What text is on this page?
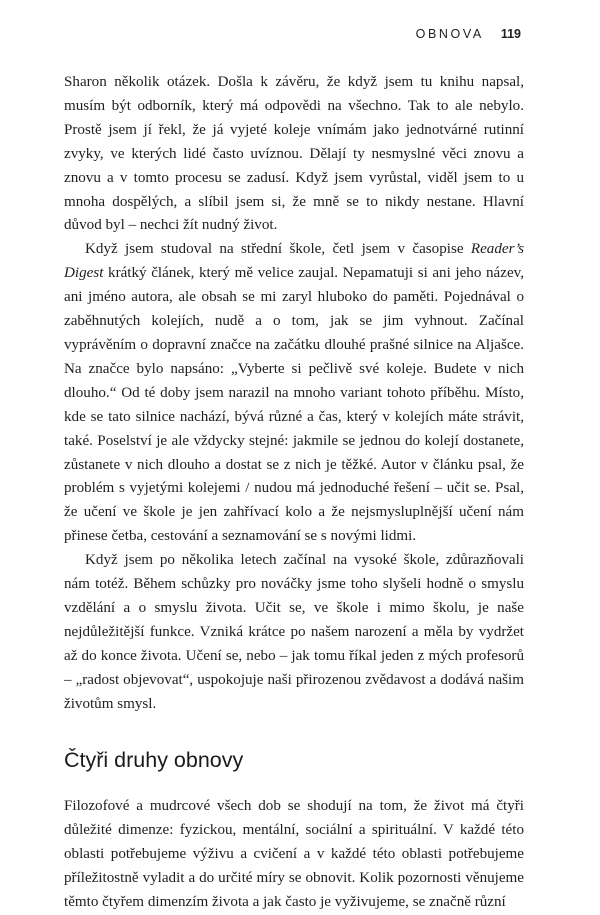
OBNOVA 119

Sharon několik otázek. Došla k závěru, že když jsem tu knihu napsal, musím být odborník, který má odpovědi na všechno. Tak to ale nebylo. Prostě jsem jí řekl, že já vyjeté koleje vnímám jako jednotvárné rutinní zvyky, ve kterých lidé často uvíznou. Dělají ty nesmyslné věci znovu a znovu a v tomto procesu se zadusí. Když jsem vyrůstal, viděl jsem to u mnoha dospělých, a slíbil jsem si, že mně se to nikdy nestane. Hlavní důvod byl – nechci žít nudný život.

Když jsem studoval na střední škole, četl jsem v časopise Reader’s Digest krátký článek, který mě velice zaujal. Nepamatuji si ani jeho název, ani jméno autora, ale obsah se mi zaryl hluboko do paměti. Pojednával o zaběhnutých kolejích, nudě a o tom, jak se jim vyhnout. Začínal vyprávěním o dopravní značce na začátku dlouhé prašné silnice na Aljašce. Na značce bylo napsáno: „Vyberte si pečlivě své koleje. Budete v nich dlouho.“ Od té doby jsem narazil na mnoho variant tohoto příběhu. Místo, kde se tato silnice nachází, bývá různé a čas, který v kolejích máte strávit, také. Poselství je ale vždycky stejné: jakmile se jednou do kolejí dostanete, zůstanete v nich dlouho a dostat se z nich je těžké. Autor v článku psal, že problém s vyjetými kolejemi / nudou má jednoduché řešení – učit se. Psal, že učení ve škole je jen zahřívací kolo a že nejsmysluplnější učení nám přinese četba, cestování a seznamování se s novými lidmi.

Když jsem po několika letech začínal na vysoké škole, zdůrazňovali nám totéž. Během schůzky pro nováčky jsme toho slyšeli hodně o smyslu vzdělání a o smyslu života. Učit se, ve škole i mimo školu, je naše nejdůležitější funkce. Vzniká krátce po našem narození a měla by vydržet až do konce života. Učení se, nebo – jak tomu říkal jeden z mých profesorů – „radost objevovat“, uspokojuje naši přirozenou zvědavost a dodává našim životům smysl.

Čtyři druhy obnovy

Filozofové a mudrcové všech dob se shodují na tom, že život má čtyři důležité dimenze: fyzickou, mentální, sociální a spirituální. V každé této oblasti potřebujeme výživu a cvičení a v každé této oblasti potřebujeme příležitostně vyladit a do určité míry se obnovit. Kolik pozornosti věnujeme těmto čtyřem dimenzím života a jak často je vyživujeme, se značně různí
